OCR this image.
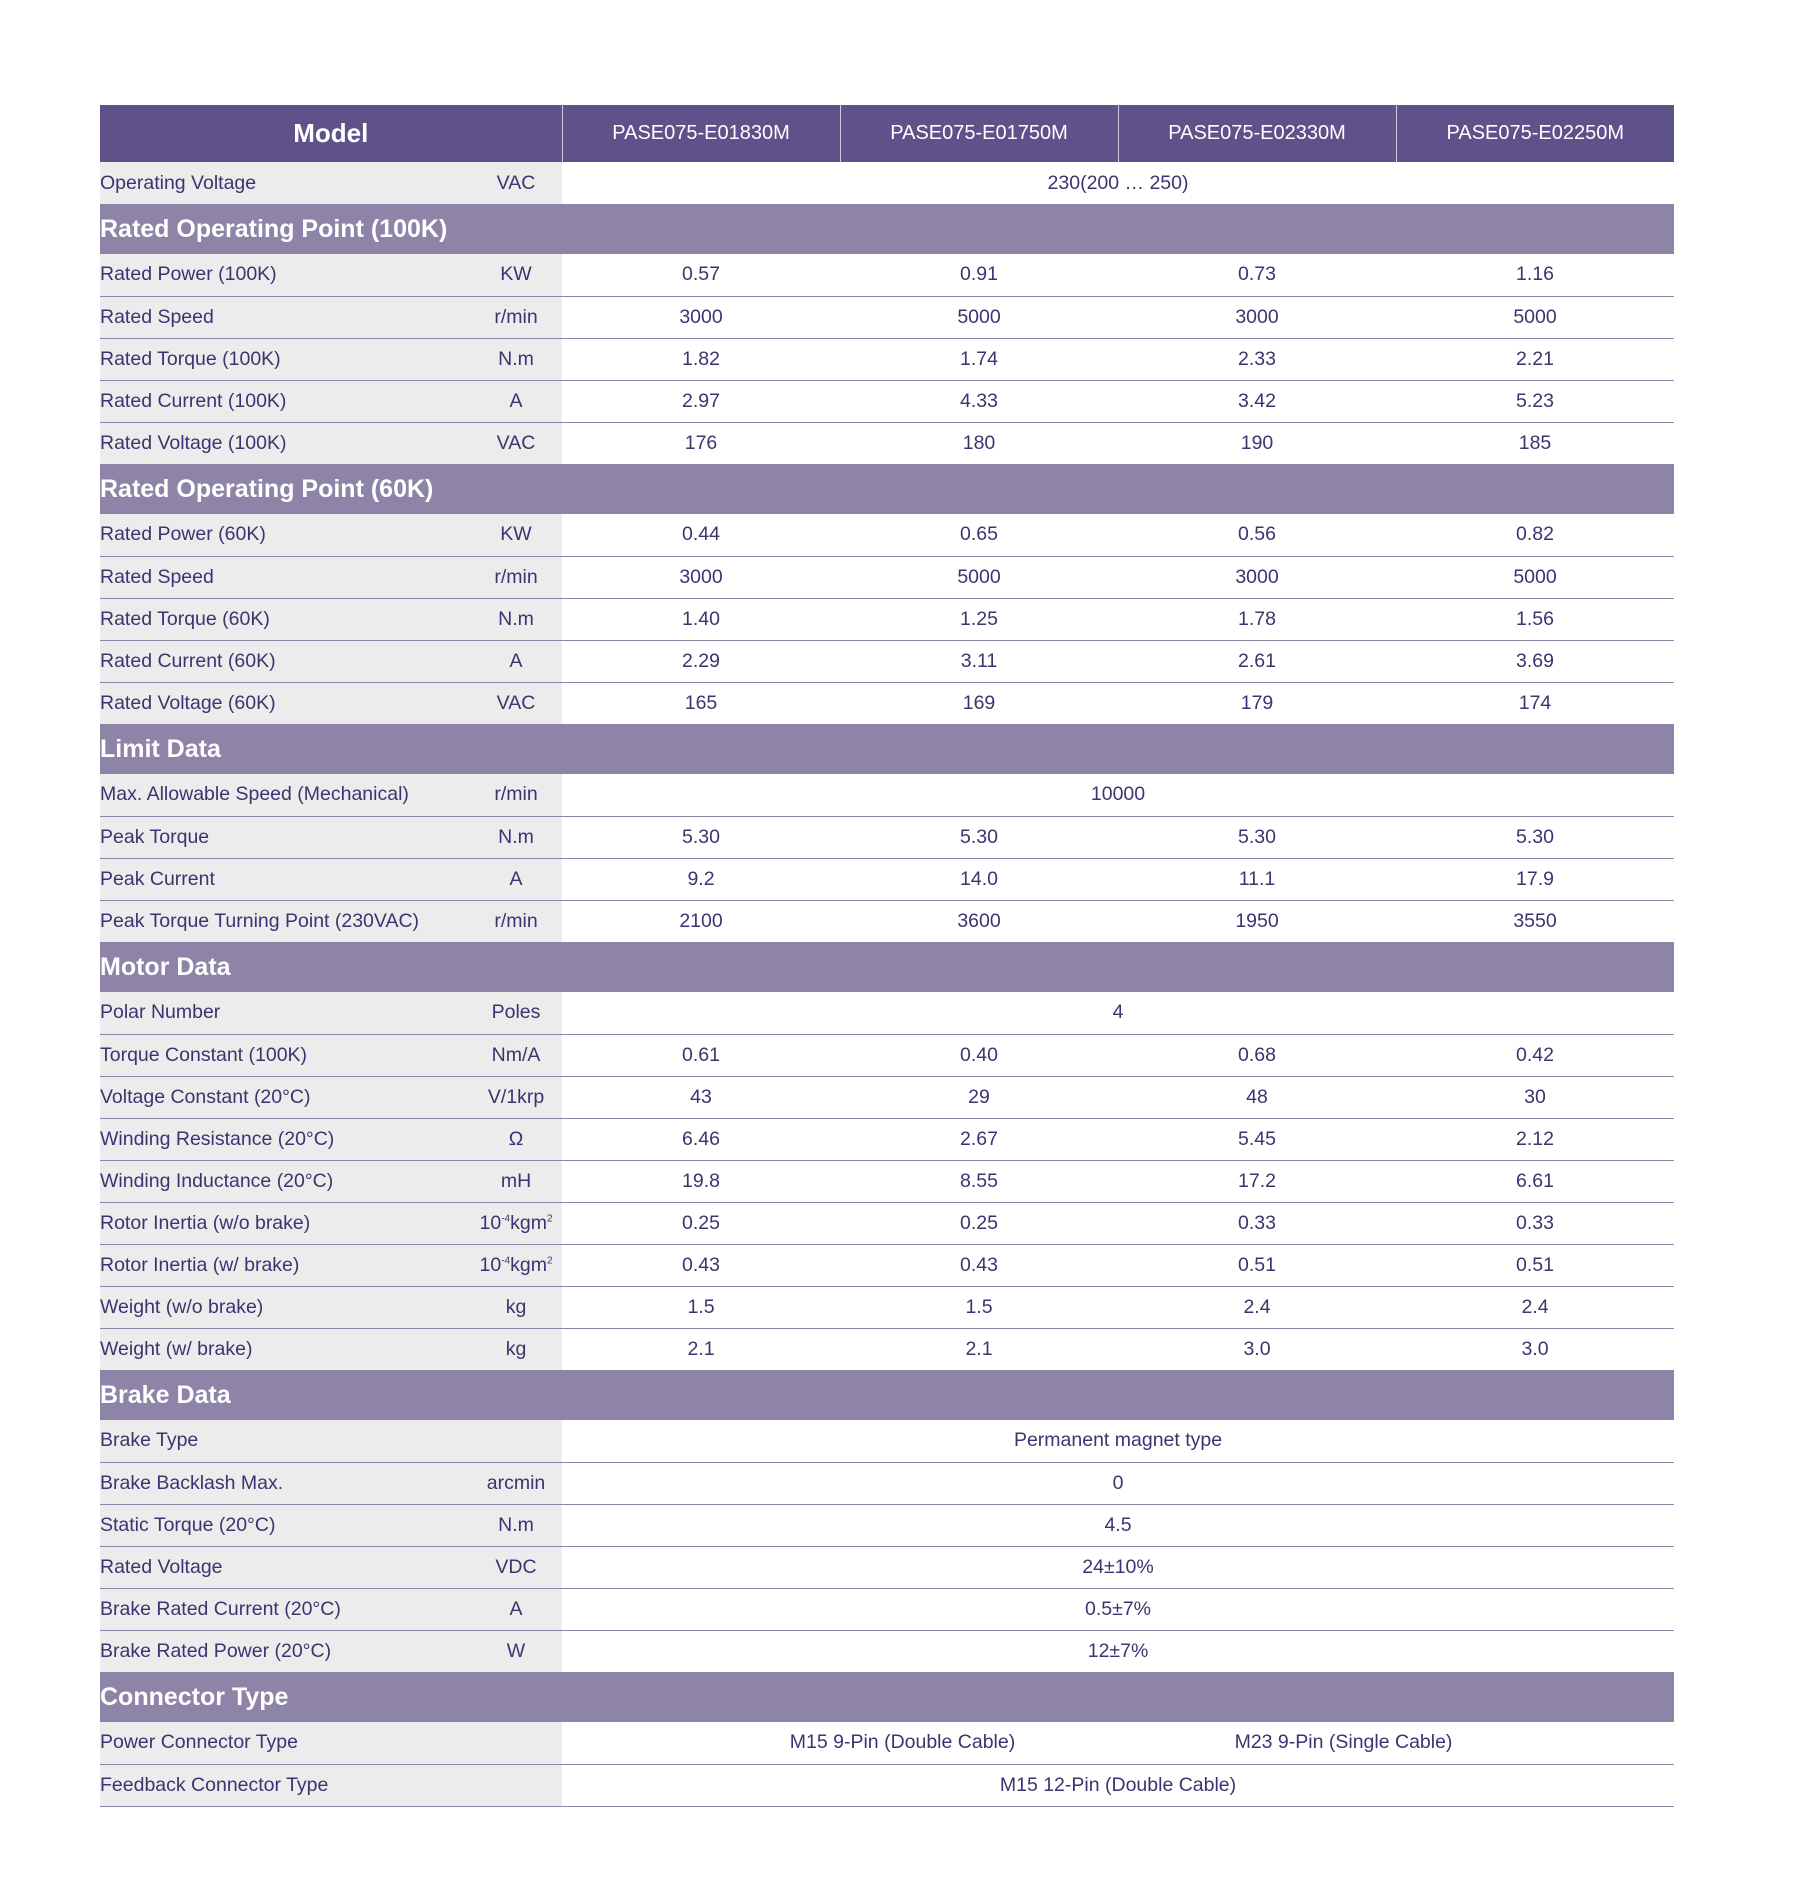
Model		PASE075-E01830M	PASE075-E01750M	PASE075-E02330M	PASE075-E02250M
Operating Voltage	VAC	230(200 … 250)			
Rated Operating Point (100K)					
Rated Power (100K)	KW	0.57	0.91	0.73	1.16
Rated Speed	r/min	3000	5000	3000	5000
Rated Torque (100K)	N.m	1.82	1.74	2.33	2.21
Rated Current (100K)	A	2.97	4.33	3.42	5.23
Rated Voltage (100K)	VAC	176	180	190	185
Rated Operating Point (60K)					
Rated Power (60K)	KW	0.44	0.65	0.56	0.82
Rated Speed	r/min	3000	5000	3000	5000
Rated Torque (60K)	N.m	1.40	1.25	1.78	1.56
Rated Current (60K)	A	2.29	3.11	2.61	3.69
Rated Voltage (60K)	VAC	165	169	179	174
Limit Data					
Max. Allowable Speed (Mechanical)	r/min	10000			
Peak Torque	N.m	5.30	5.30	5.30	5.30
Peak Current	A	9.2	14.0	11.1	17.9
Peak Torque Turning Point (230VAC)	r/min	2100	3600	1950	3550
Motor Data					
Polar Number	Poles	4			
Torque Constant (100K)	Nm/A	0.61	0.40	0.68	0.42
Voltage Constant (20°C)	V/1krp	43	29	48	30
Winding Resistance (20°C)	Ω	6.46	2.67	5.45	2.12
Winding Inductance (20°C)	mH	19.8	8.55	17.2	6.61
Rotor Inertia (w/o brake)	$10^{-4}kgm^2$	0.25	0.25	0.33	0.33
Rotor Inertia (w/ brake)	$10^{-4}kgm^2$	0.43	0.43	0.51	0.51
Weight (w/o brake)	kg	1.5	1.5	2.4	2.4
Weight (w/ brake)	kg	2.1	2.1	3.0	3.0
Brake Data					
Brake Type		Permanent magnet type			
Brake Backlash Max.	arcmin	0			
Static Torque (20°C)	N.m	4.5			
Rated Voltage	VDC	24±10%			
Brake Rated Current (20°C)	A	0.5±7%			
Brake Rated Power (20°C)	W	12±7%			
Connector Type					
Power Connector Type		M15 9-Pin (Double Cable) M23 9-Pin (Single Cable)			

Feedback Connector Type		M15 12-Pin (Double Cable)			
